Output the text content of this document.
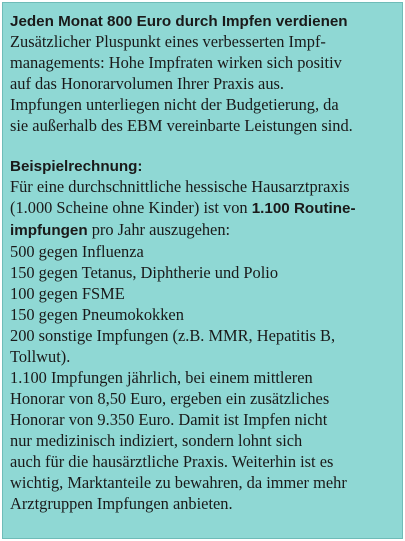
Jeden Monat 800 Euro durch Impfen verdienen
Zusätzlicher Pluspunkt eines verbesserten Impf-
managements: Hohe Impfraten wirken sich positiv
auf das Honorarvolumen Ihrer Praxis aus.
Impfungen unterliegen nicht der Budgetierung, da
sie außerhalb des EBM vereinbarte Leistungen sind.
Beispielrechnung:
Für eine durchschnittliche hessische Hausarztpraxis
(1.000 Scheine ohne Kinder) ist von 1.100 Routine-
impfungen pro Jahr auszugehen:
500 gegen Influenza
150 gegen Tetanus, Diphtherie und Polio
100 gegen FSME
150 gegen Pneumokokken
200 sonstige Impfungen (z.B. MMR, Hepatitis B,
Tollwut).
1.100 Impfungen jährlich, bei einem mittleren
Honorar von 8,50 Euro, ergeben ein zusätzliches
Honorar von 9.350 Euro. Damit ist Impfen nicht
nur medizinisch indiziert, sondern lohnt sich
auch für die hausärztliche Praxis. Weiterhin ist es
wichtig, Marktanteile zu bewahren, da immer mehr
Arztgruppen Impfungen anbieten.
